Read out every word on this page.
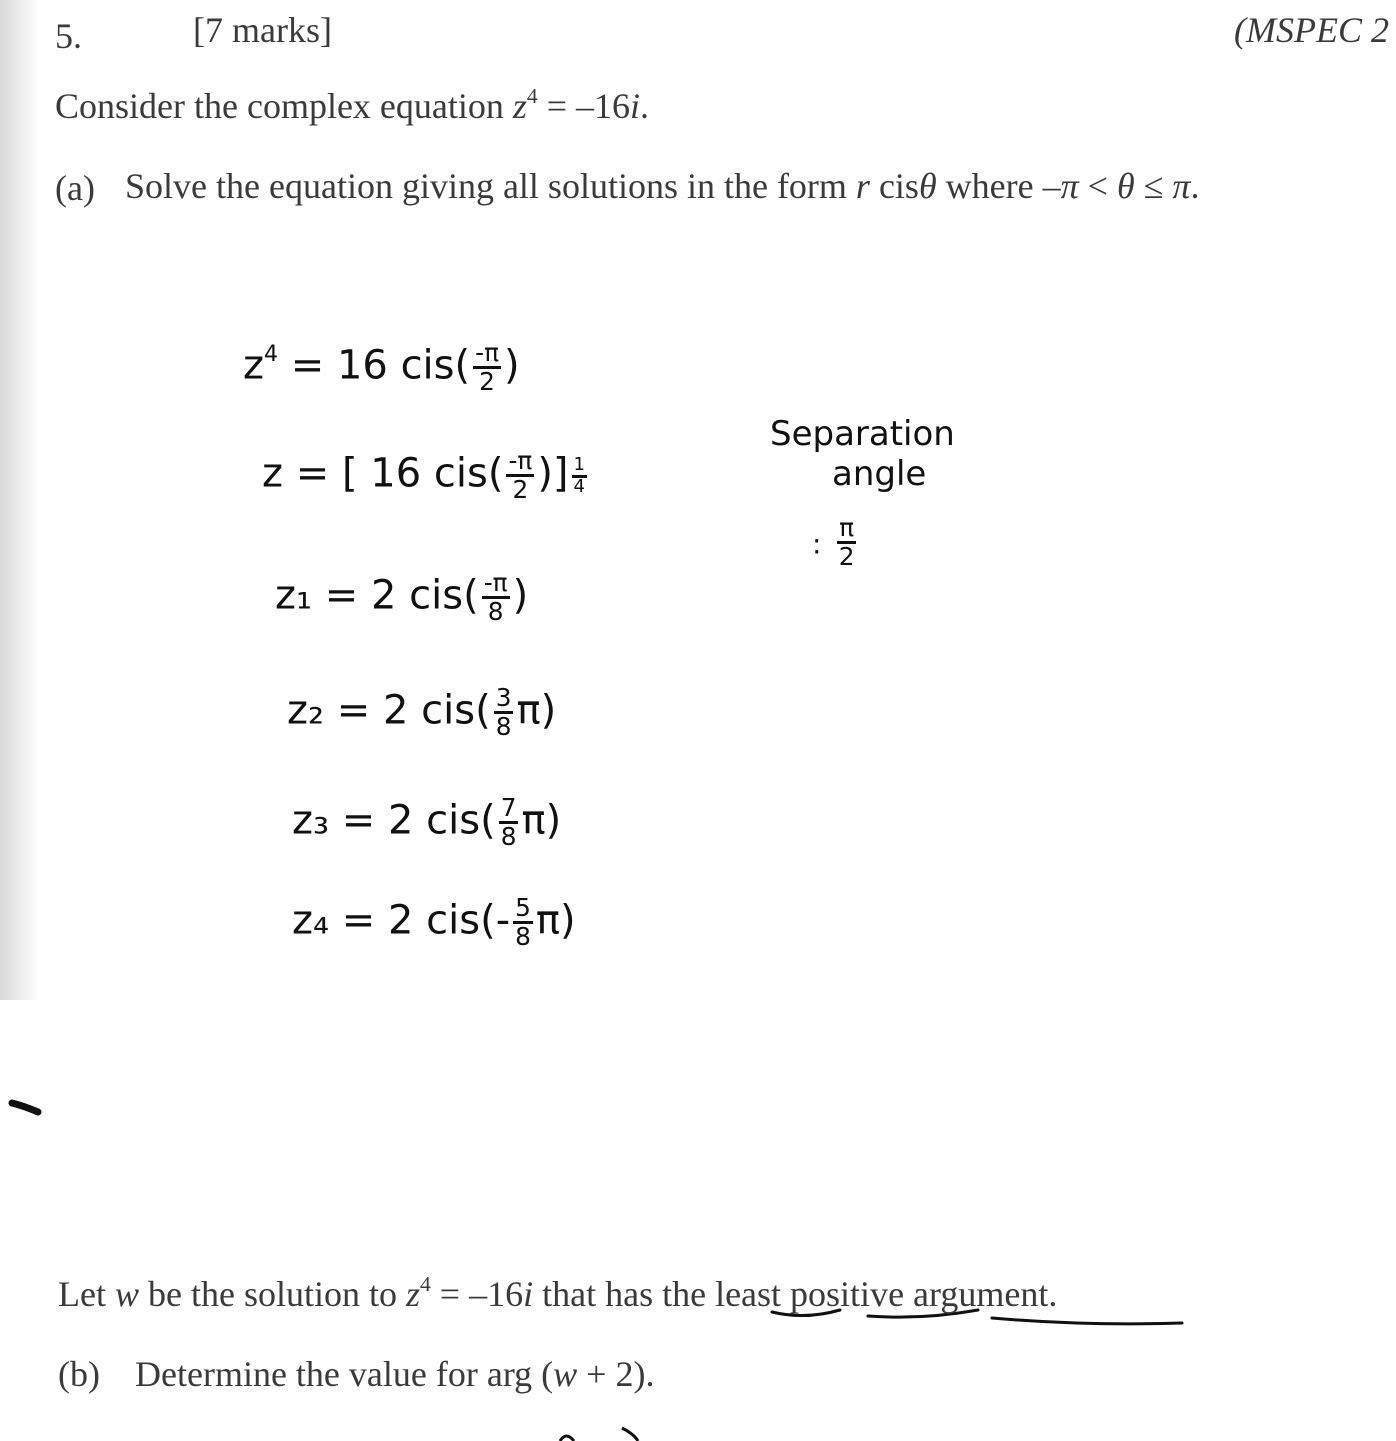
5.	[7 marks]	(MSPEC 2
Consider the complex equation $z^4 = -16i$.
(a) Solve the equation giving all solutions in the form r cisθ where –π < θ ≤ π.
$z^4 = 16$ $cis( \frac{-\pi}{2}$ )
z = [ 16 $cis( \frac{-\pi}{2}$ )] $\frac{1}{4}$
z₁ = 2 $cis( \frac{-\pi}{8}$ )
z₂ = 2 $cis( \frac{3}{8} \pi)$
z₃ = 2 $cis( \frac{7}{8} \pi)$
z₄ = 2 $cis(- \frac{5}{8} \pi)$
Separation
angle
: $\frac{\pi}{2}$
Let w be the solution to $z^4 = -16i$ that has the least positive argument.
(b) Determine the value for arg (w + 2).
